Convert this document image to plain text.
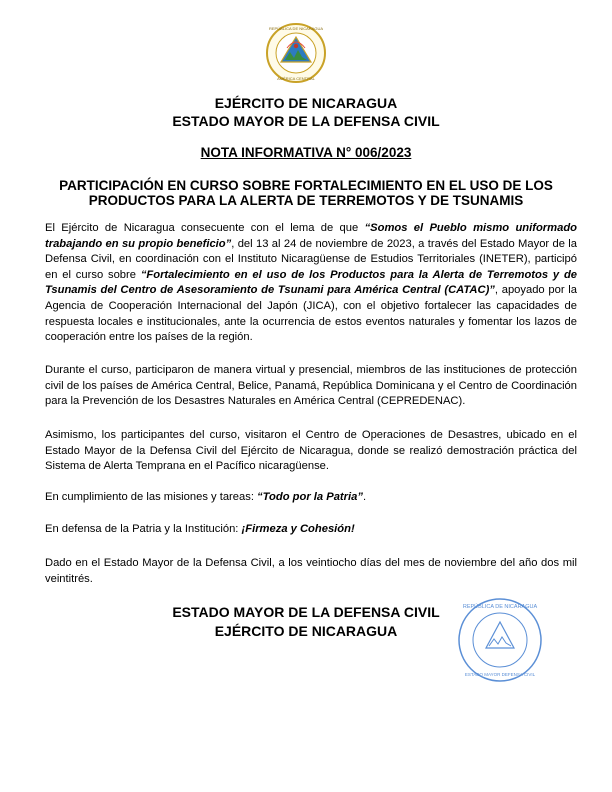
REPÚBLICA DE NICARAGUA
AMÉRICA CENTRAL
EJÉRCITO DE NICARAGUA
ESTADO MAYOR DE LA DEFENSA CIVIL
NOTA INFORMATIVA N° 006/2023
PARTICIPACIÓN EN CURSO SOBRE FORTALECIMIENTO EN EL USO DE LOS
PRODUCTOS PARA LA ALERTA DE TERREMOTOS Y DE TSUNAMIS
El Ejército de Nicaragua consecuente con el lema de que “Somos el Pueblo mismo uniformado trabajando en su propio beneficio”, del 13 al 24 de noviembre de 2023, a través del Estado Mayor de la Defensa Civil, en coordinación con el Instituto Nicaragüense de Estudios Territoriales (INETER), participó en el curso sobre “Fortalecimiento en el uso de los Productos para la Alerta de Terremotos y de Tsunamis del Centro de Asesoramiento de Tsunami para América Central (CATAC)”, apoyado por la Agencia de Cooperación Internacional del Japón (JICA), con el objetivo fortalecer las capacidades de respuesta locales e institucionales, ante la ocurrencia de estos eventos naturales y fomentar los lazos de cooperación entre los países de la región.
Durante el curso, participaron de manera virtual y presencial, miembros de las instituciones de protección civil de los países de América Central, Belice, Panamá, República Dominicana y el Centro de Coordinación para la Prevención de los Desastres Naturales en América Central (CEPREDENAC).
Asimismo, los participantes del curso, visitaron el Centro de Operaciones de Desastres, ubicado en el Estado Mayor de la Defensa Civil del Ejército de Nicaragua, donde se realizó demostración práctica del Sistema de Alerta Temprana en el Pacífico nicaragüense.
En cumplimiento de las misiones y tareas: “Todo por la Patria”.
En defensa de la Patria y la Institución: ¡Firmeza y Cohesión!
Dado en el Estado Mayor de la Defensa Civil, a los veintiocho días del mes de noviembre del año dos mil veintitrés.
ESTADO MAYOR DE LA DEFENSA CIVIL
EJÉRCITO DE NICARAGUA
REPÚBLICA DE NICARAGUA
ESTADO MAYOR DEFENSA CIVIL
